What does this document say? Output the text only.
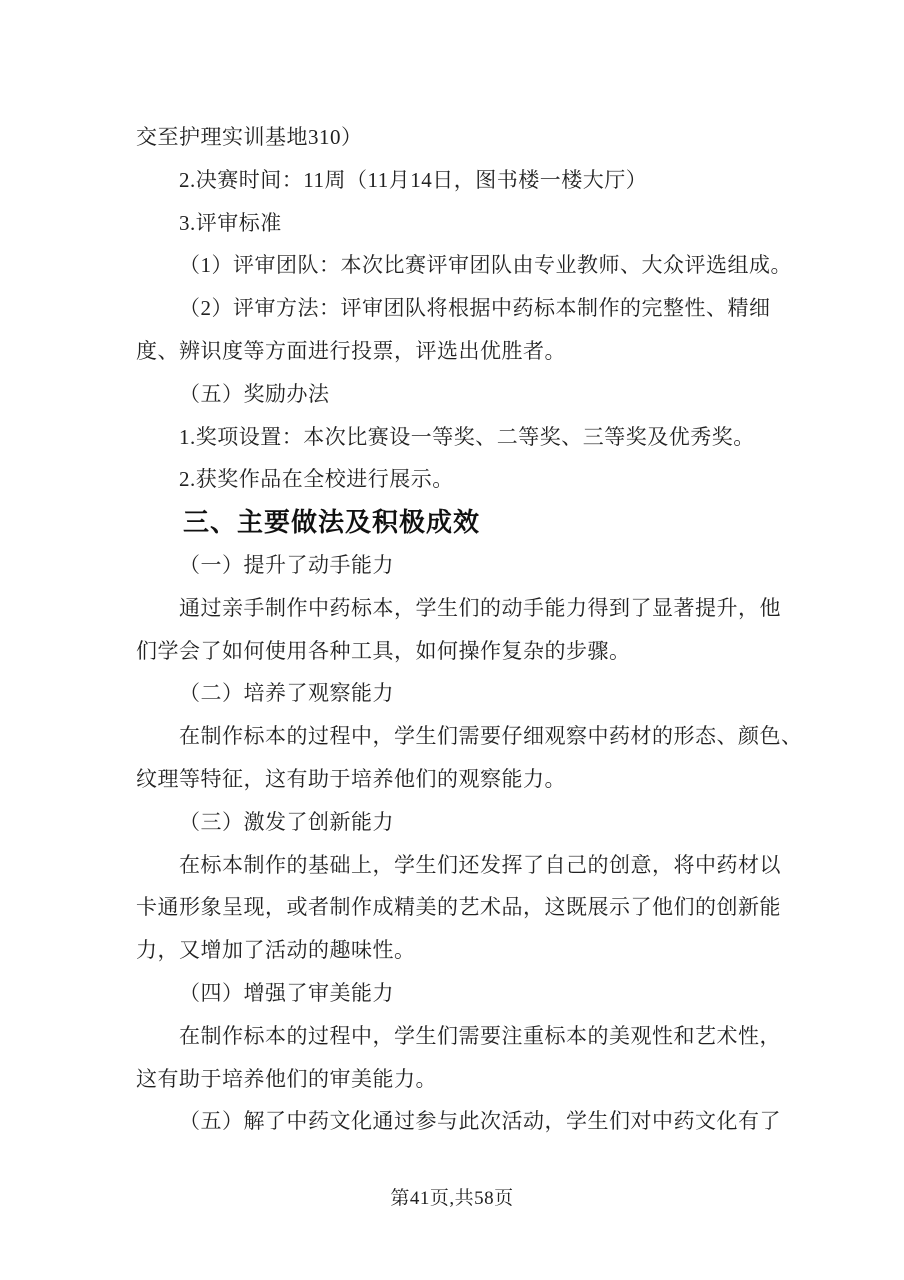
交至护理实训基地310）
2.决赛时间：11周（11月14日，图书楼一楼大厅）
3.评审标准
（1）评审团队：本次比赛评审团队由专业教师、大众评选组成。
（2）评审方法：评审团队将根据中药标本制作的完整性、精细
度、辨识度等方面进行投票，评选出优胜者。
（五）奖励办法
1.奖项设置：本次比赛设一等奖、二等奖、三等奖及优秀奖。
2.获奖作品在全校进行展示。
三、主要做法及积极成效
（一）提升了动手能力
通过亲手制作中药标本，学生们的动手能力得到了显著提升，他
们学会了如何使用各种工具，如何操作复杂的步骤。
（二）培养了观察能力
在制作标本的过程中，学生们需要仔细观察中药材的形态、颜色、
纹理等特征，这有助于培养他们的观察能力。
（三）激发了创新能力
在标本制作的基础上，学生们还发挥了自己的创意，将中药材以
卡通形象呈现，或者制作成精美的艺术品，这既展示了他们的创新能
力，又增加了活动的趣味性。
（四）增强了审美能力
在制作标本的过程中，学生们需要注重标本的美观性和艺术性，
这有助于培养他们的审美能力。
（五）解了中药文化通过参与此次活动，学生们对中药文化有了
第41页,共58页
